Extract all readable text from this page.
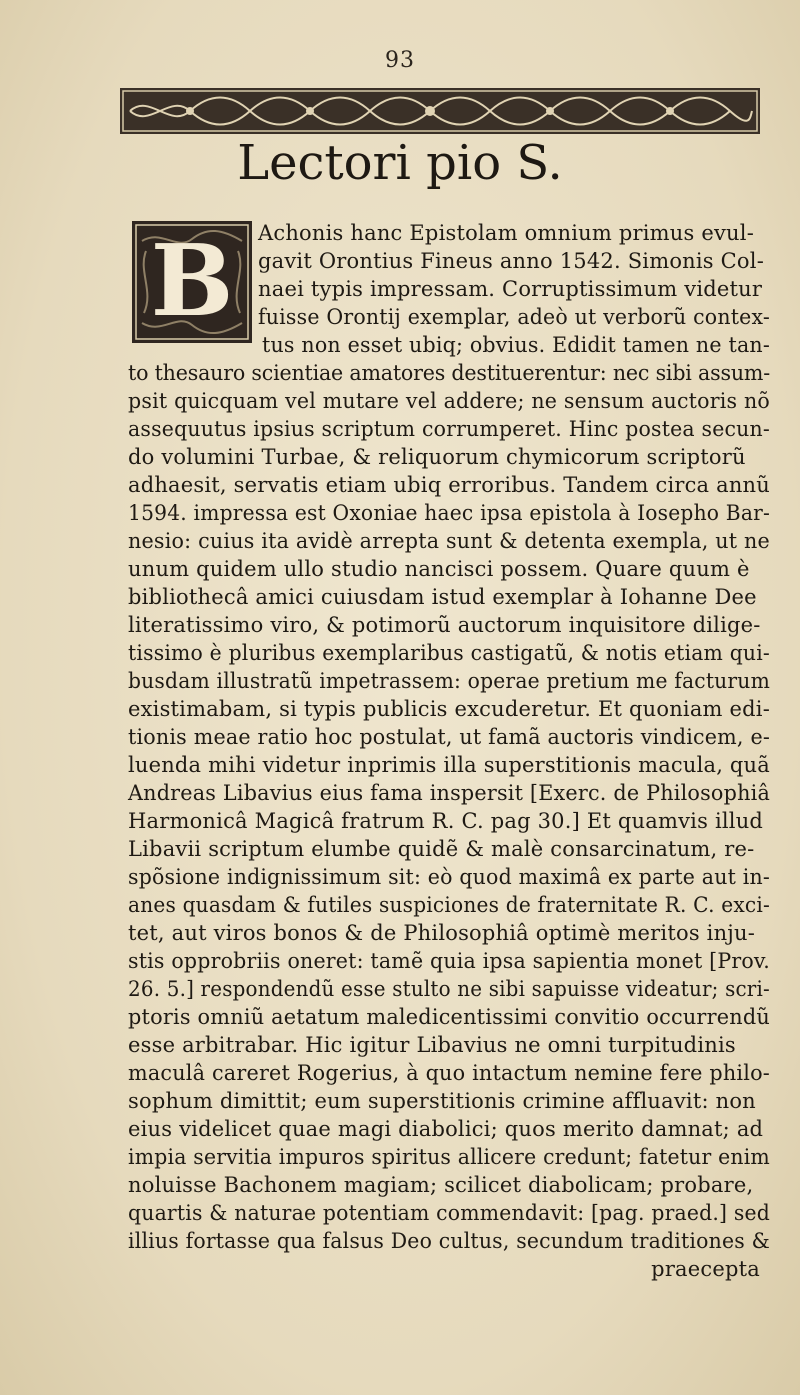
93
Lectori pio S.
B	Achonis hanc Epistolam omnium primus evul-
gavit Orontius Fineus anno 1542. Simonis Col-
naei typis impressam. Corruptissimum videtur
fuisse Orontij exemplar, adeò ut verborũ contex-
tus non esset ubiq; obvius. Edidit tamen ne tan-
to thesauro scientiae amatores destituerentur: nec sibi assum-
psit quicquam vel mutare vel addere; ne sensum auctoris nõ
assequutus ipsius scriptum corrumperet. Hinc postea secun-
do volumini Turbae, & reliquorum chymicorum scriptorũ
adhaesit, servatis etiam ubiq erroribus. Tandem circa annũ
1594. impressa est Oxoniae haec ipsa epistola à Iosepho Bar-
nesio: cuius ita avidè arrepta sunt & detenta exempla, ut ne
unum quidem ullo studio nancisci possem. Quare quum è
bibliothecâ amici cuiusdam istud exemplar à Iohanne Dee
literatissimo viro, & potimorũ auctorum inquisitore dilige-
tissimo è pluribus exemplaribus castigatũ, & notis etiam qui-
busdam illustratũ impetrassem: operae pretium me facturum
existimabam, si typis publicis excuderetur. Et quoniam edi-
tionis meae ratio hoc postulat, ut famã auctoris vindicem, e-
luenda mihi videtur inprimis illa superstitionis macula, quã
Andreas Libavius eius fama inspersit [Exerc. de Philosophiâ
Harmonicâ Magicâ fratrum R. C. pag 30.] Et quamvis illud
Libavii scriptum elumbe quidẽ & malè consarcinatum, re-
spõsione indignissimum sit: eò quod maximâ ex parte aut in-
anes quasdam & futiles suspiciones de fraternitate R. C. exci-
tet, aut viros bonos & de Philosophiâ optimè meritos inju-
stis opprobriis oneret: tamẽ quia ipsa sapientia monet [Prov.
26. 5.] respondendũ esse stulto ne sibi sapuisse videatur; scri-
ptoris omniũ aetatum maledicentissimi convitio occurrendũ
esse arbitrabar. Hic igitur Libavius ne omni turpitudinis
maculâ careret Rogerius, à quo intactum nemine fere philo-
sophum dimittit; eum superstitionis crimine affluavit: non
eius videlicet quae magi diabolici; quos merito damnat; ad
impia servitia impuros spiritus allicere credunt; fatetur enim
noluisse Bachonem magiam; scilicet diabolicam; probare,
quartis & naturae potentiam commendavit: [pag. praed.] sed
illius fortasse qua falsus Deo cultus, secundum traditiones &
praecepta
